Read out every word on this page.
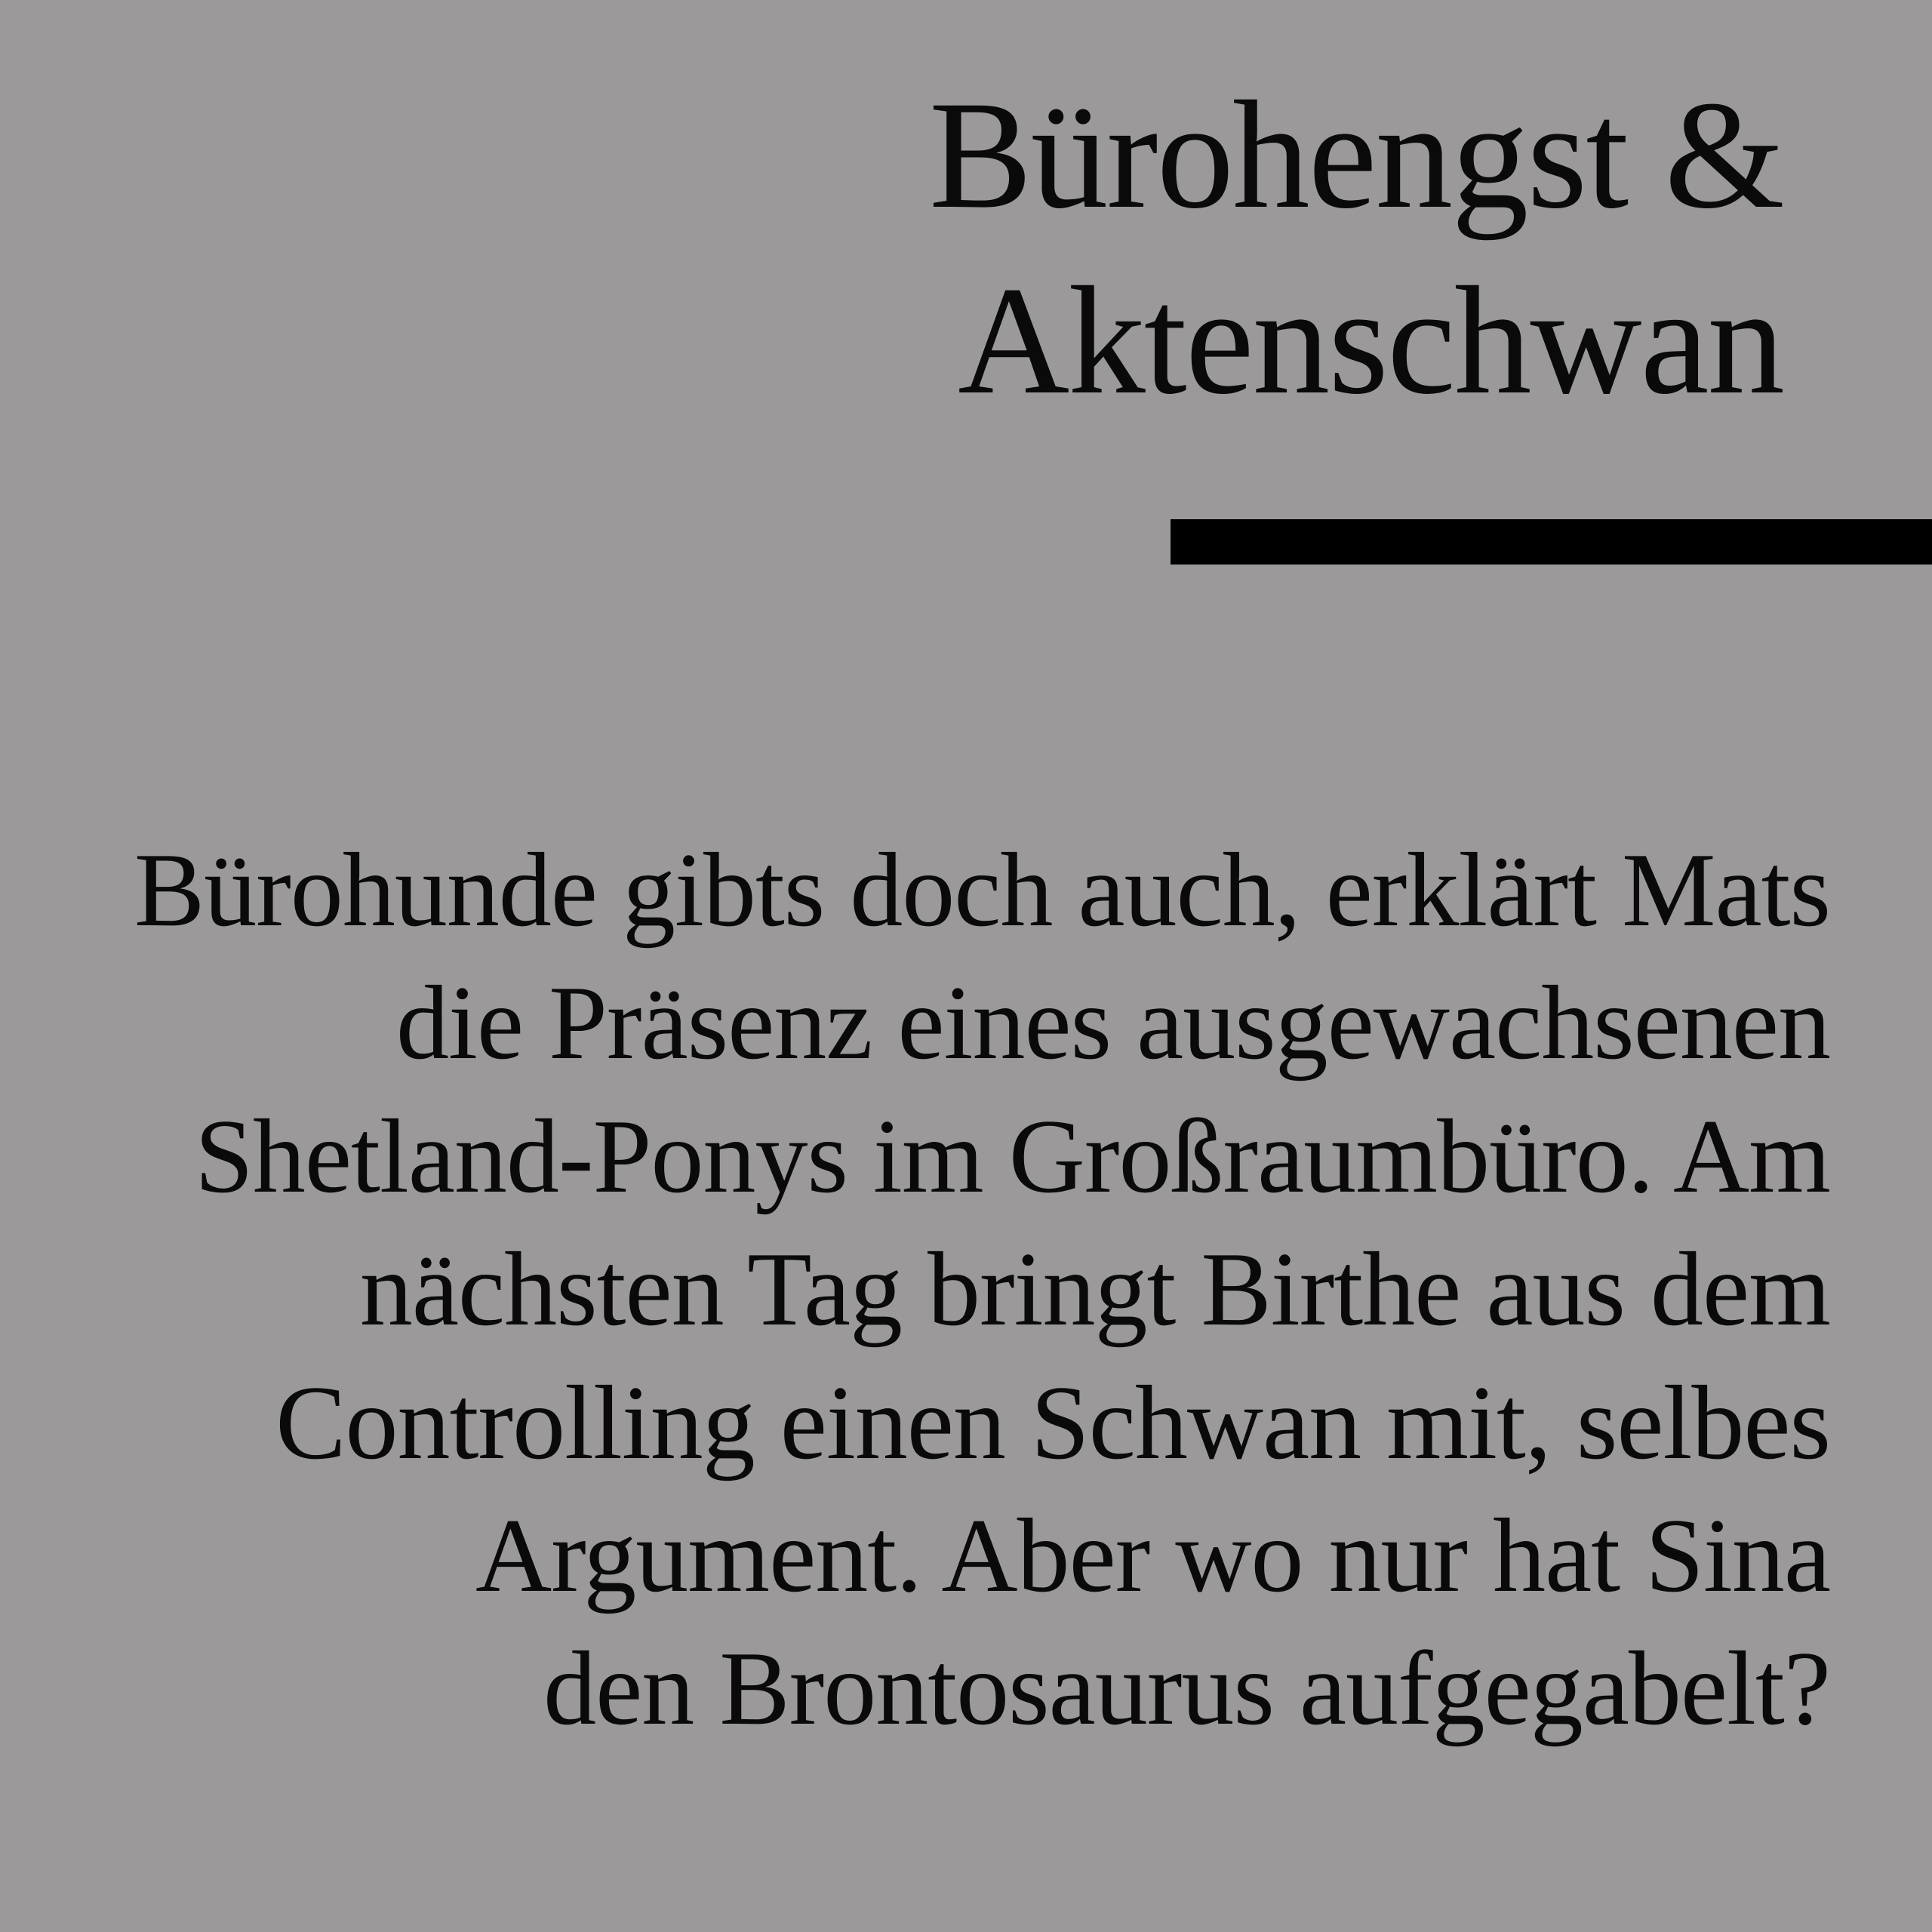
Bürohengst &
Aktenschwan
Bürohunde gibts doch auch, erklärt Mats
die Präsenz eines ausgewachsenen
Shetland-Ponys im Großraumbüro. Am
nächsten Tag bringt Birthe aus dem
Controlling einen Schwan mit, selbes
Argument. Aber wo nur hat Sina
den Brontosaurus aufgegabelt?
